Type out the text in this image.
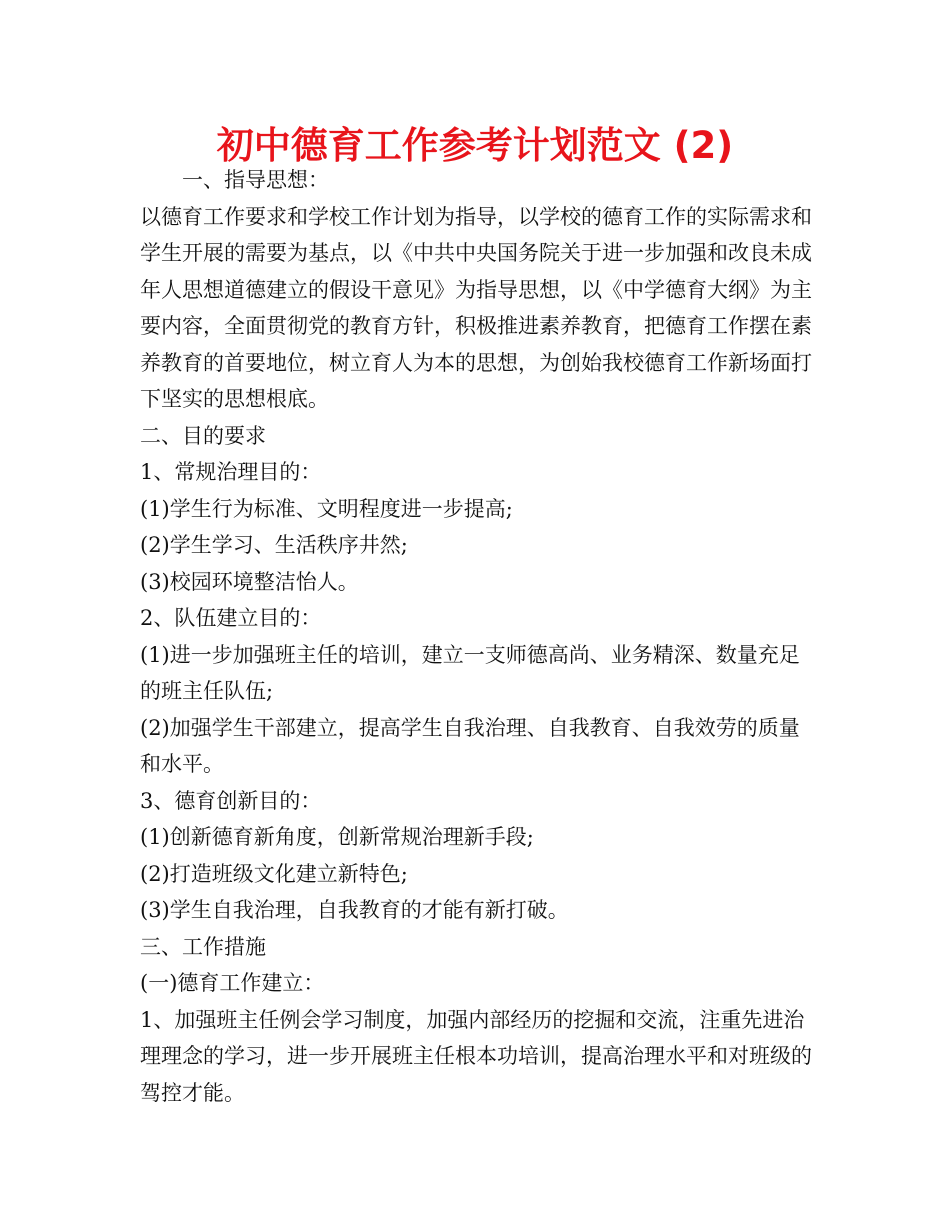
初中德育工作参考计划范文 (2)

一、指导思想：

以德育工作要求和学校工作计划为指导，以学校的德育工作的实际需求和学生开展的需要为基点，以《中共中央国务院关于进一步加强和改良未成年人思想道德建立的假设干意见》为指导思想，以《中学德育大纲》为主要内容，全面贯彻党的教育方针，积极推进素养教育，把德育工作摆在素养教育的首要地位，树立育人为本的思想，为创始我校德育工作新场面打下坚实的思想根底。

二、目的要求

1、常规治理目的：

(1)学生行为标准、文明程度进一步提高;

(2)学生学习、生活秩序井然;

(3)校园环境整洁怡人。

2、队伍建立目的：

(1)进一步加强班主任的培训，建立一支师德高尚、业务精深、数量充足的班主任队伍;

(2)加强学生干部建立，提高学生自我治理、自我教育、自我效劳的质量和水平。

3、德育创新目的：

(1)创新德育新角度，创新常规治理新手段;

(2)打造班级文化建立新特色;

(3)学生自我治理，自我教育的才能有新打破。

三、工作措施

(一)德育工作建立：

1、加强班主任例会学习制度，加强内部经历的挖掘和交流，注重先进治理理念的学习，进一步开展班主任根本功培训，提高治理水平和对班级的驾控才能。
